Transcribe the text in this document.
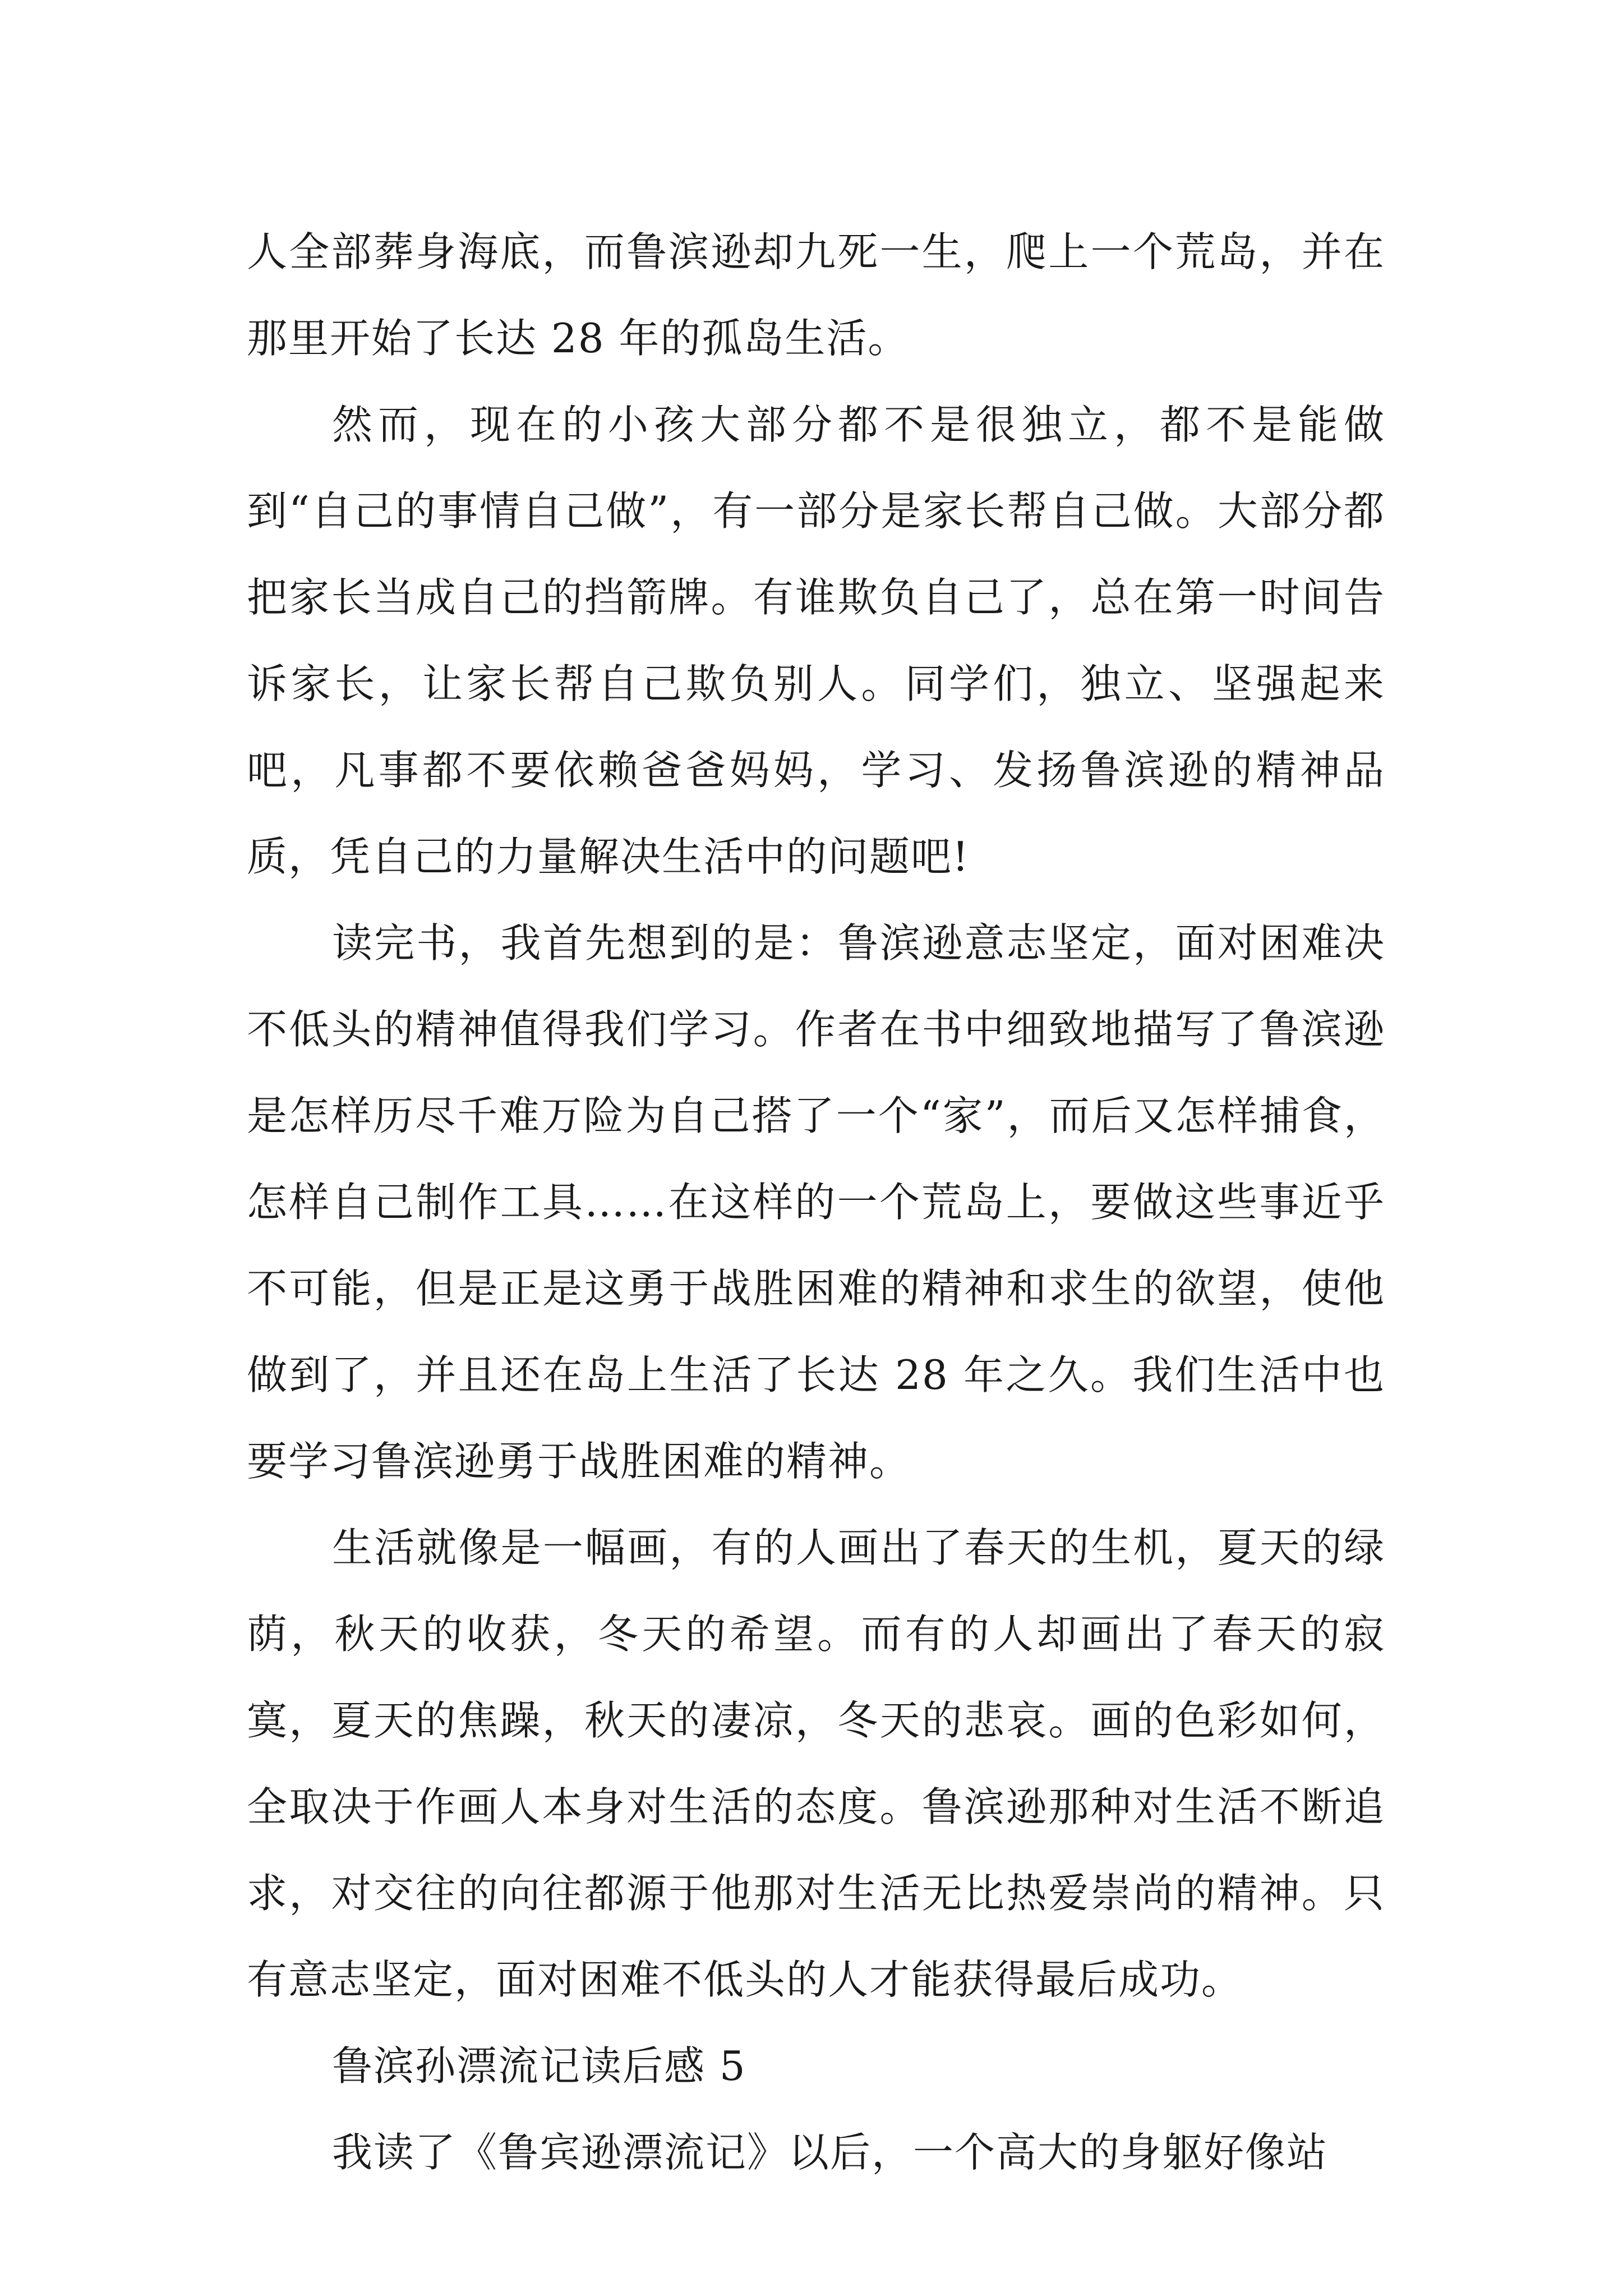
人全部葬身海底，而鲁滨逊却九死一生，爬上一个荒岛，并在那里开始了长达 28 年的孤岛生活。

然而，现在的小孩大部分都不是很独立，都不是能做到“自己的事情自己做”，有一部分是家长帮自己做。大部分都把家长当成自己的挡箭牌。有谁欺负自己了，总在第一时间告诉家长，让家长帮自己欺负别人。同学们，独立、坚强起来吧，凡事都不要依赖爸爸妈妈，学习、发扬鲁滨逊的精神品质，凭自己的力量解决生活中的问题吧!

读完书，我首先想到的是：鲁滨逊意志坚定，面对困难决不低头的精神值得我们学习。作者在书中细致地描写了鲁滨逊是怎样历尽千难万险为自己搭了一个“家”，而后又怎样捕食，怎样自己制作工具……在这样的一个荒岛上，要做这些事近乎不可能，但是正是这勇于战胜困难的精神和求生的欲望，使他做到了，并且还在岛上生活了长达 28 年之久。我们生活中也要学习鲁滨逊勇于战胜困难的精神。

生活就像是一幅画，有的人画出了春天的生机，夏天的绿荫，秋天的收获，冬天的希望。而有的人却画出了春天的寂寞，夏天的焦躁，秋天的凄凉，冬天的悲哀。画的色彩如何，全取决于作画人本身对生活的态度。鲁滨逊那种对生活不断追求，对交往的向往都源于他那对生活无比热爱崇尚的精神。只有意志坚定，面对困难不低头的人才能获得最后成功。

鲁滨孙漂流记读后感 5

我读了《鲁宾逊漂流记》以后，一个高大的身躯好像站
